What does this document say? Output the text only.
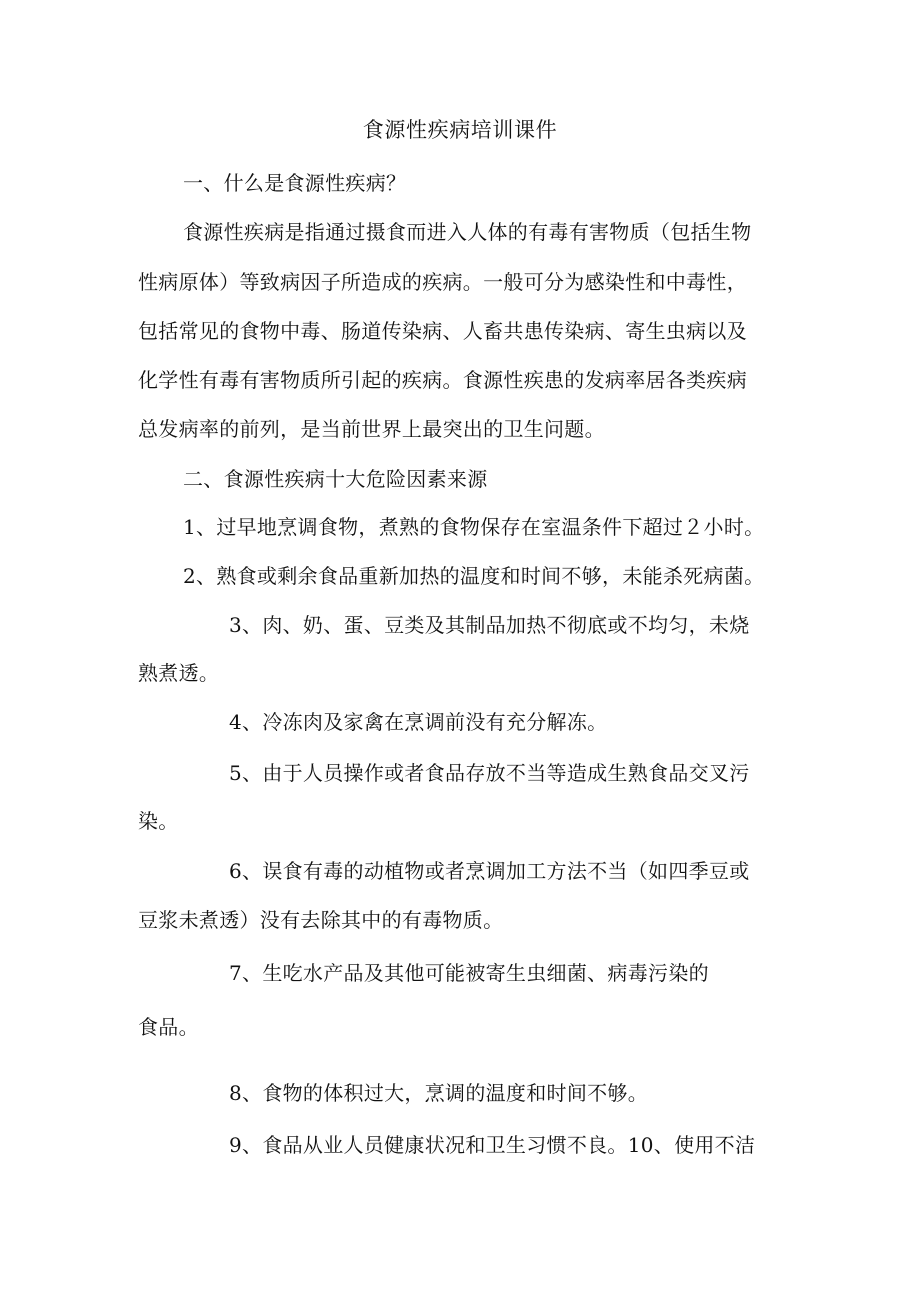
食源性疾病培训课件
一、什么是食源性疾病？
食源性疾病是指通过摄食而进入人体的有毒有害物质（包括生物
性病原体）等致病因子所造成的疾病。一般可分为感染性和中毒性，
包括常见的食物中毒、肠道传染病、人畜共患传染病、寄生虫病以及
化学性有毒有害物质所引起的疾病。食源性疾患的发病率居各类疾病
总发病率的前列，是当前世界上最突出的卫生问题。
二、食源性疾病十大危险因素来源
1、过早地烹调食物，煮熟的食物保存在室温条件下超过２小时。
2、熟食或剩余食品重新加热的温度和时间不够，未能杀死病菌。
3、肉、奶、蛋、豆类及其制品加热不彻底或不均匀，未烧
熟煮透。
4、冷冻肉及家禽在烹调前没有充分解冻。
5、由于人员操作或者食品存放不当等造成生熟食品交叉污
染。
6、误食有毒的动植物或者烹调加工方法不当（如四季豆或
豆浆未煮透）没有去除其中的有毒物质。
7、生吃水产品及其他可能被寄生虫细菌、病毒污染的
食品。
8、食物的体积过大，烹调的温度和时间不够。
9、食品从业人员健康状况和卫生习惯不良。10、使用不洁
